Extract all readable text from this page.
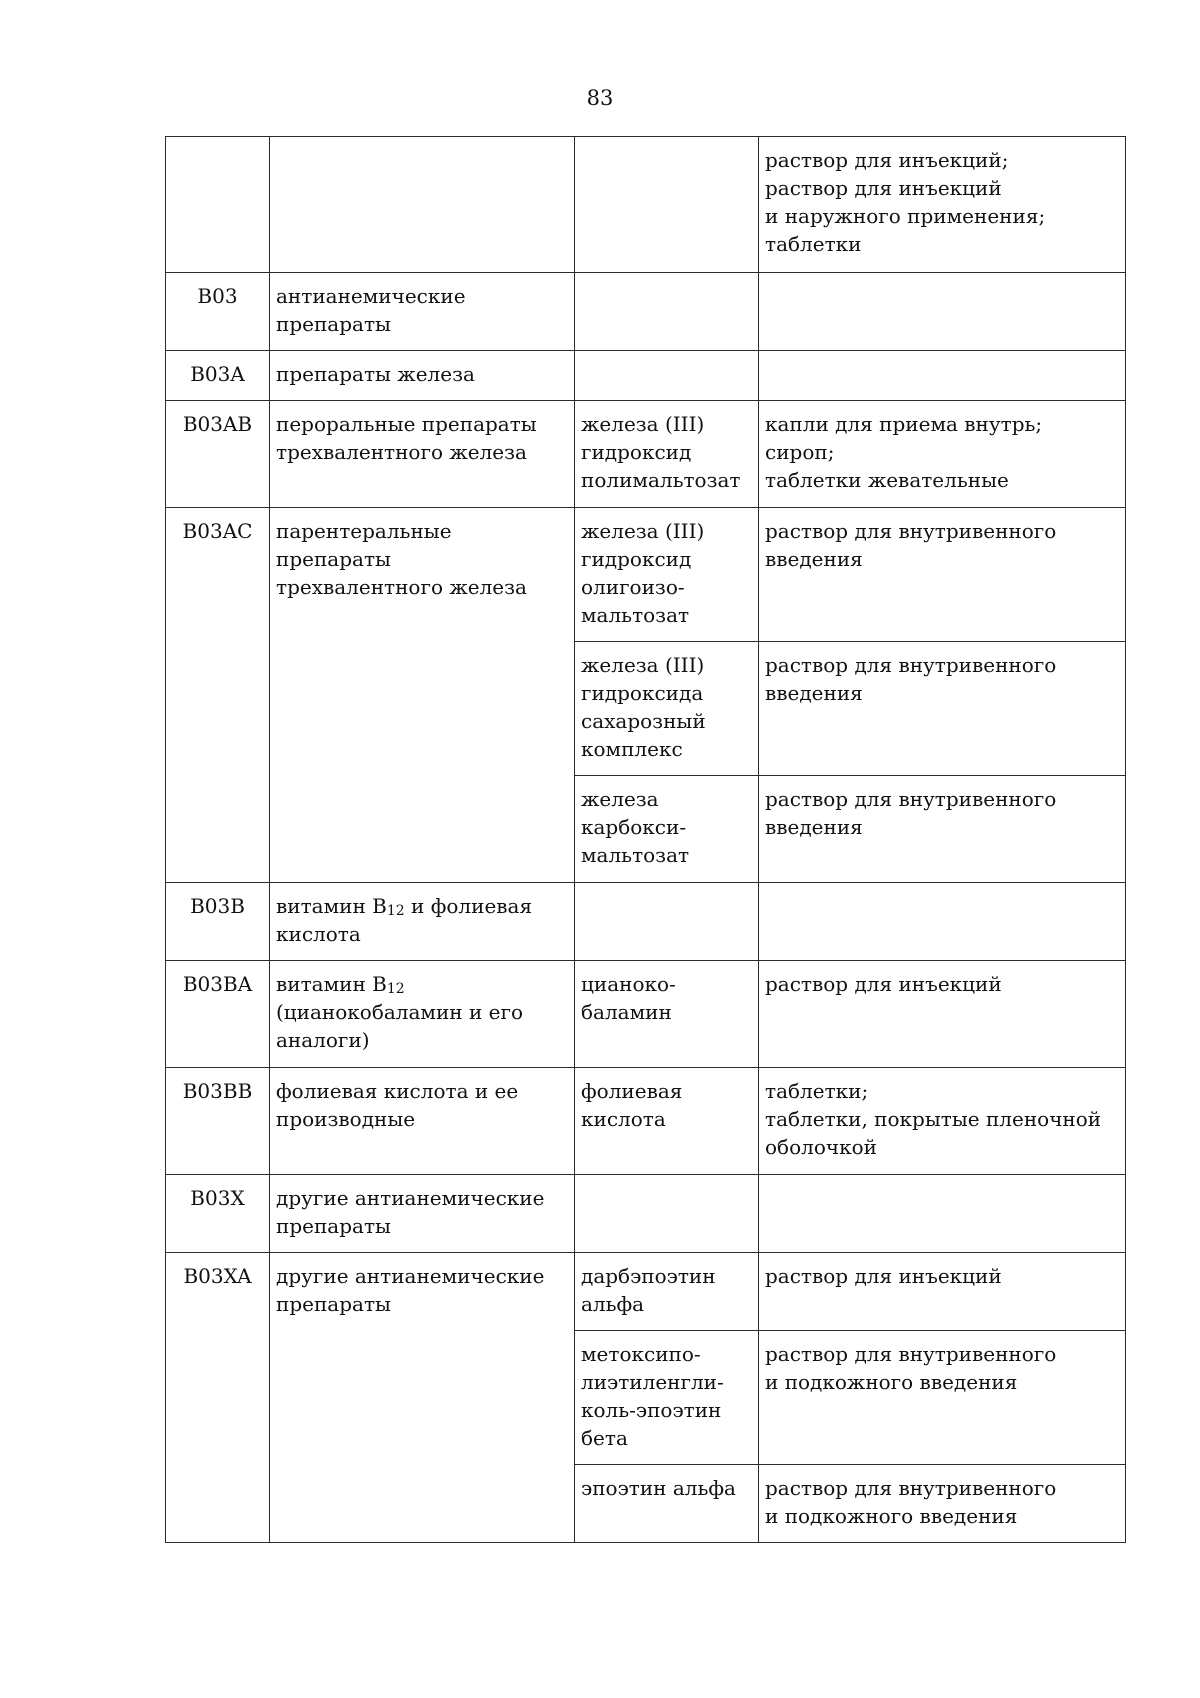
83

			раствор для инъекций;
раствор для инъекций
и наружного применения;
таблетки

B03	антианемические
препараты		

B03A	препараты железа		

B03AB	пероральные препараты
трехвалентного железа	железа (III)
гидроксид
полимальтозат	капли для приема внутрь;
сироп;
таблетки жевательные

B03AC	парентеральные препараты
трехвалентного железа	железа (III)
гидроксид
олигоизо-
мальтозат	раствор для внутривенного
введения

		железа (III)
гидроксида
сахарозный
комплекс	раствор для внутривенного
введения

		железа
карбокси-
мальтозат	раствор для внутривенного
введения

B03B	витамин $B_{12}$ и фолиевая
кислота		

B03BA	витамин $B_{12}$
(цианокобаламин и его
аналоги)	цианоко-
баламин	раствор для инъекций

B03BB	фолиевая кислота и ее
производные	фолиевая
кислота	таблетки;
таблетки, покрытые пленочной
оболочкой

B03X	другие антианемические
препараты		

B03XA	другие антианемические
препараты	дарбэпоэтин
альфа	раствор для инъекций

		метоксипо-
лиэтиленгли-
коль-эпоэтин
бета	раствор для внутривенного
и подкожного введения

		эпоэтин альфа	раствор для внутривенного
и подкожного введения
